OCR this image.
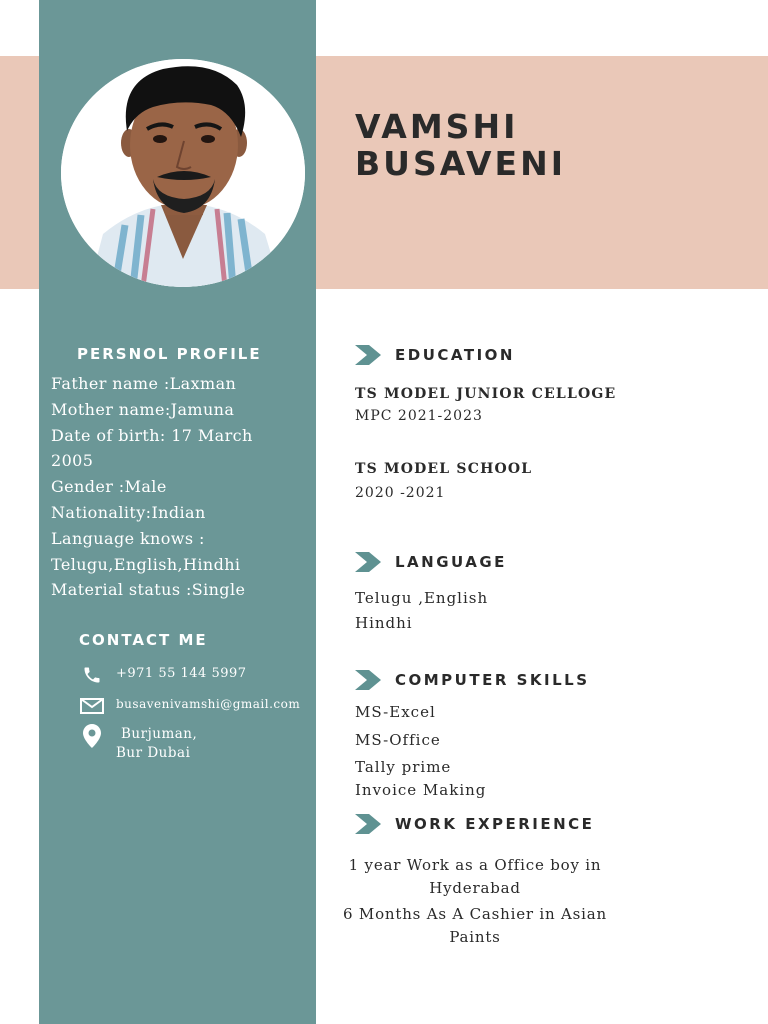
VAMSHI
BUSAVENI
PERSNOL PROFILE
Father name :Laxman
Mother name:Jamuna
Date of birth: 17 March
2005
Gender :Male
Nationality:Indian
Language knows :
Telugu,English,Hindhi
Material status :Single
CONTACT ME
+971 55 144 5997
busavenivamshi@gmail.com
Burjuman,
Bur Dubai
EDUCATION
TS MODEL JUNIOR CELLOGE
MPC 2021-2023
TS MODEL SCHOOL
2020 -2021
LANGUAGE
Telugu ,English
Hindhi
COMPUTER SKILLS
MS-Excel
MS-Office
Tally prime
Invoice Making
WORK EXPERIENCE
1 year Work as a Office boy in
Hyderabad
6 Months As A Cashier in Asian
Paints
